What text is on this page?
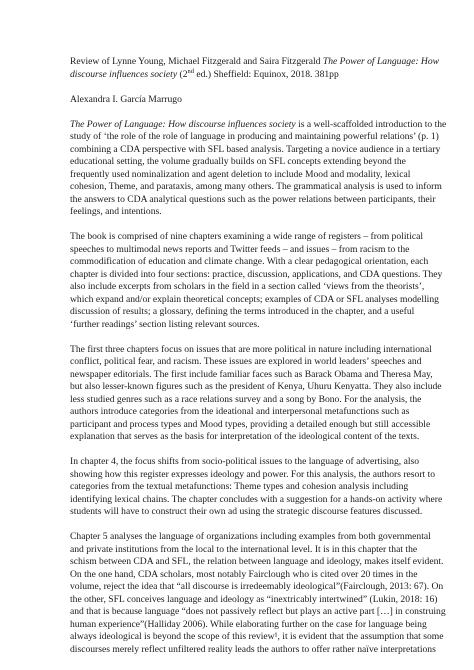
Review of Lynne Young, Michael Fitzgerald and Saira Fitzgerald The Power of Language: How
discourse influences society (2nd ed.) Sheffield: Equinox, 2018. 381pp

Alexandra I. García Marrugo

The Power of Language: How discourse influences society is a well-scaffolded introduction to the
study of ‘the role of the role of language in producing and maintaining powerful relations’ (p. 1)
combining a CDA perspective with SFL based analysis. Targeting a novice audience in a tertiary
educational setting, the volume gradually builds on SFL concepts extending beyond the
frequently used nominalization and agent deletion to include Mood and modality, lexical
cohesion, Theme, and parataxis, among many others. The grammatical analysis is used to inform
the answers to CDA analytical questions such as the power relations between participants, their
feelings, and intentions.

The book is comprised of nine chapters examining a wide range of registers – from political
speeches to multimodal news reports and Twitter feeds – and issues – from racism to the
commodification of education and climate change. With a clear pedagogical orientation, each
chapter is divided into four sections: practice, discussion, applications, and CDA questions. They
also include excerpts from scholars in the field in a section called ‘views from the theorists’,
which expand and/or explain theoretical concepts; examples of CDA or SFL analyses modelling
discussion of results; a glossary, defining the terms introduced in the chapter, and a useful
‘further readings’ section listing relevant sources.

The first three chapters focus on issues that are more political in nature including international
conflict, political fear, and racism. These issues are explored in world leaders’ speeches and
newspaper editorials. The first include familiar faces such as Barack Obama and Theresa May,
but also lesser-known figures such as the president of Kenya, Uhuru Kenyatta. They also include
less studied genres such as a race relations survey and a song by Bono. For the analysis, the
authors introduce categories from the ideational and interpersonal metafunctions such as
participant and process types and Mood types, providing a detailed enough but still accessible
explanation that serves as the basis for interpretation of the ideological content of the texts.

In chapter 4, the focus shifts from socio-political issues to the language of advertising, also
showing how this register expresses ideology and power. For this analysis, the authors resort to
categories from the textual metafunctions: Theme types and cohesion analysis including
identifying lexical chains. The chapter concludes with a suggestion for a hands-on activity where
students will have to construct their own ad using the strategic discourse features discussed.

Chapter 5 analyses the language of organizations including examples from both governmental
and private institutions from the local to the international level. It is in this chapter that the
schism between CDA and SFL, the relation between language and ideology, makes itself evident.
On the one hand, CDA scholars, most notably Fairclough who is cited over 20 times in the
volume, reject the idea that “all discourse is irredeemably ideological”(Fairclough, 2013: 67). On
the other, SFL conceives language and ideology as “inextricably intertwined” (Lukin, 2018: 16)
and that is because language “does not passively reflect but plays an active part […] in construing
human experience”(Halliday 2006). While elaborating further on the case for language being
always ideological is beyond the scope of this review¹, it is evident that the assumption that some
discourses merely reflect unfiltered reality leads the authors to offer rather naïve interpretations
